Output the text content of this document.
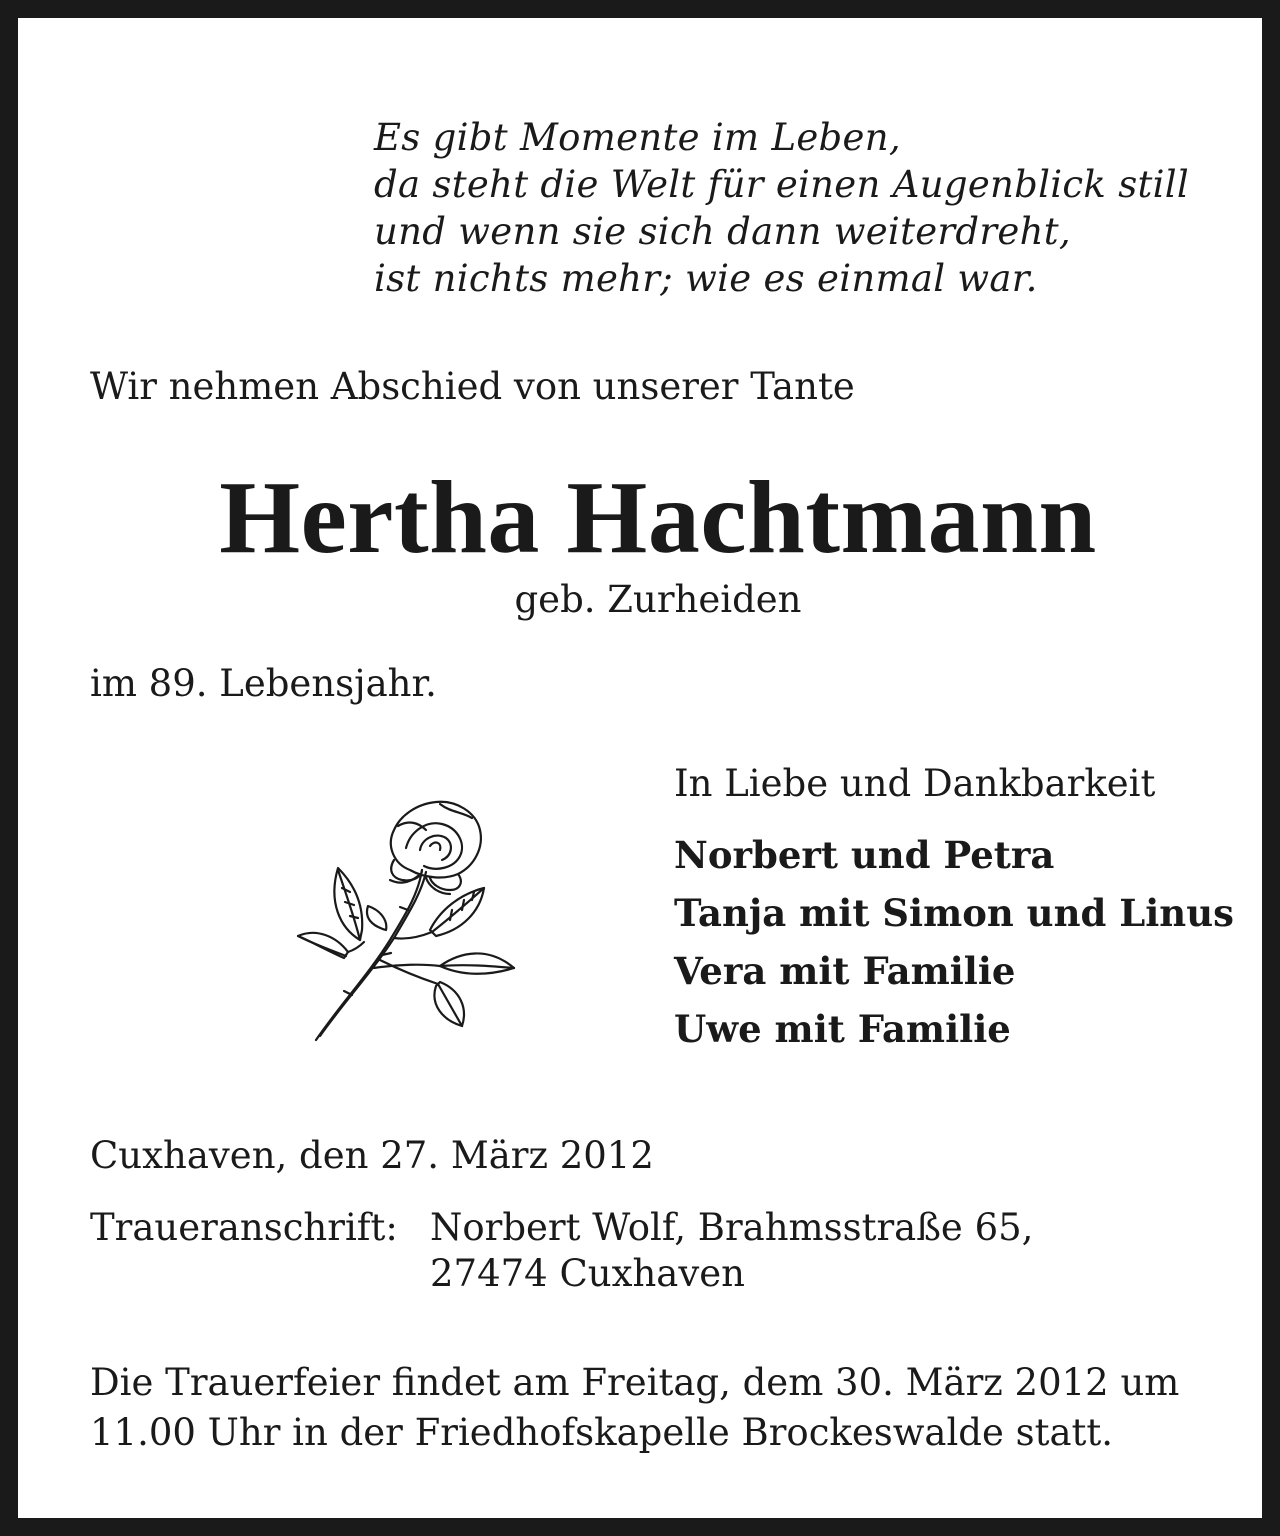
Es gibt Momente im Leben,
da steht die Welt für einen Augenblick still
und wenn sie sich dann weiterdreht,
ist nichts mehr; wie es einmal war.
Wir nehmen Abschied von unserer Tante
Hertha Hachtmann
geb. Zurheiden
im 89. Lebensjahr.
In Liebe und Dankbarkeit
Norbert und Petra
Tanja mit Simon und Linus
Vera mit Familie
Uwe mit Familie
Cuxhaven, den 27. März 2012
Traueranschrift: Norbert Wolf, Brahmsstraße 65,
27474 Cuxhaven
Die Trauerfeier findet am Freitag, dem 30. März 2012 um
11.00 Uhr in der Friedhofskapelle Brockeswalde statt.
